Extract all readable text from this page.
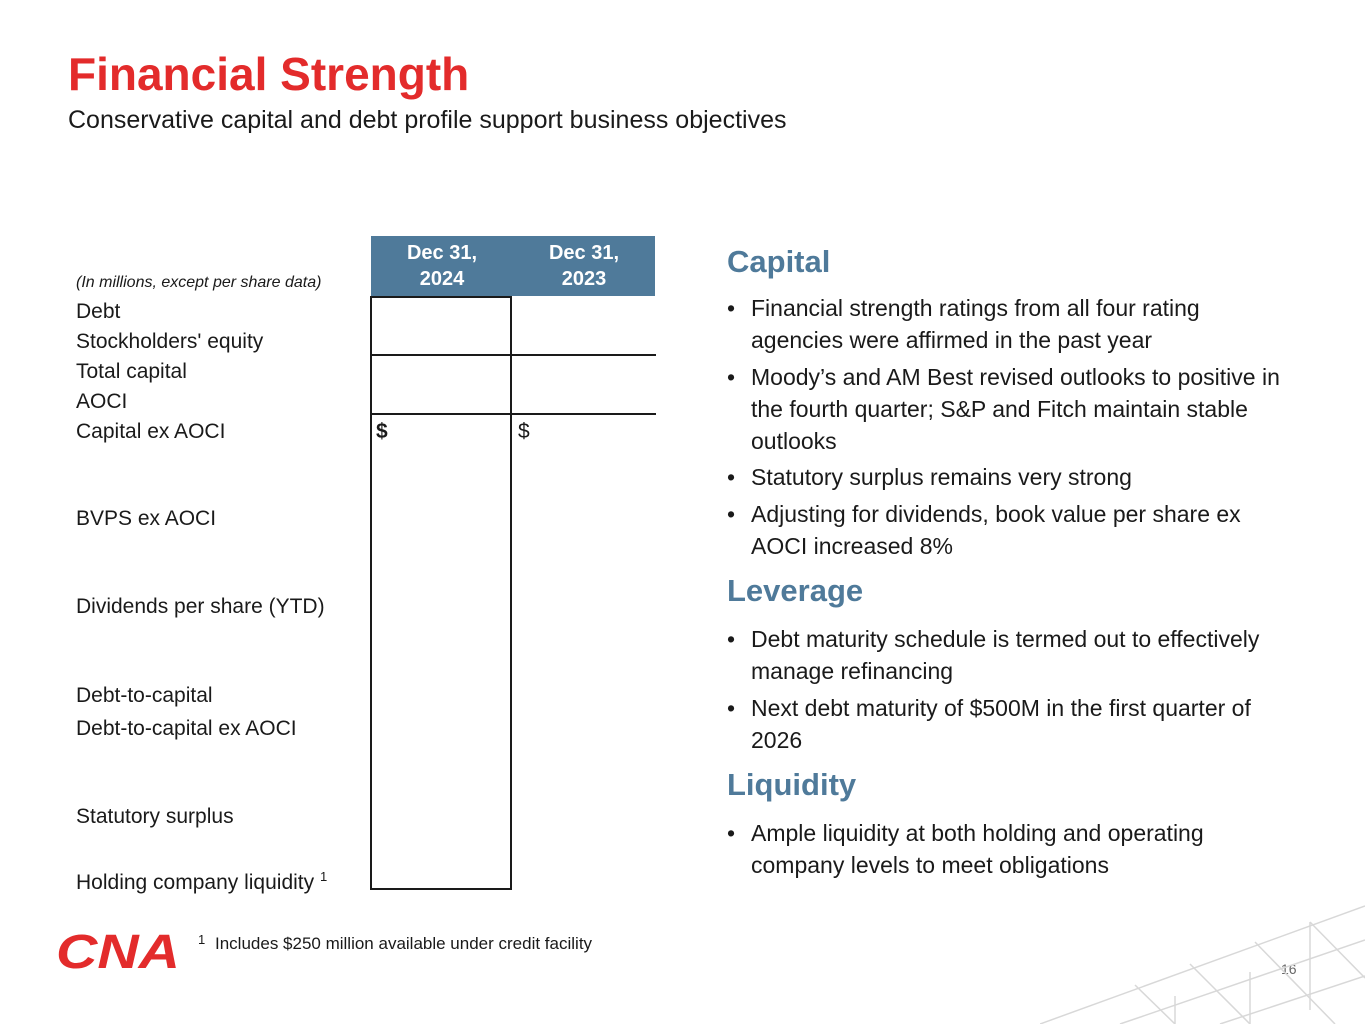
Financial Strength
Conservative capital and debt profile support business objectives
Dec 31,
2024
Dec 31,
2023
(In millions, except per share data)
Debt
Stockholders' equity
Total capital
AOCI
Capital ex AOCI	$	$
BVPS ex AOCI
Dividends per share (YTD)
Debt-to-capital
Debt-to-capital ex AOCI
Statutory surplus
Holding company liquidity $^1$
Capital
• Financial strength ratings from all four rating agencies were affirmed in the past year
• Moody’s and AM Best revised outlooks to positive in the fourth quarter; S&P and Fitch maintain stable outlooks
• Statutory surplus remains very strong
• Adjusting for dividends, book value per share ex AOCI increased 8%
Leverage
• Debt maturity schedule is termed out to effectively manage refinancing
• Next debt maturity of $500M in the first quarter of 2026
Liquidity
• Ample liquidity at both holding and operating company levels to meet obligations
CNA 1 Includes $250 million available under credit facility
16
